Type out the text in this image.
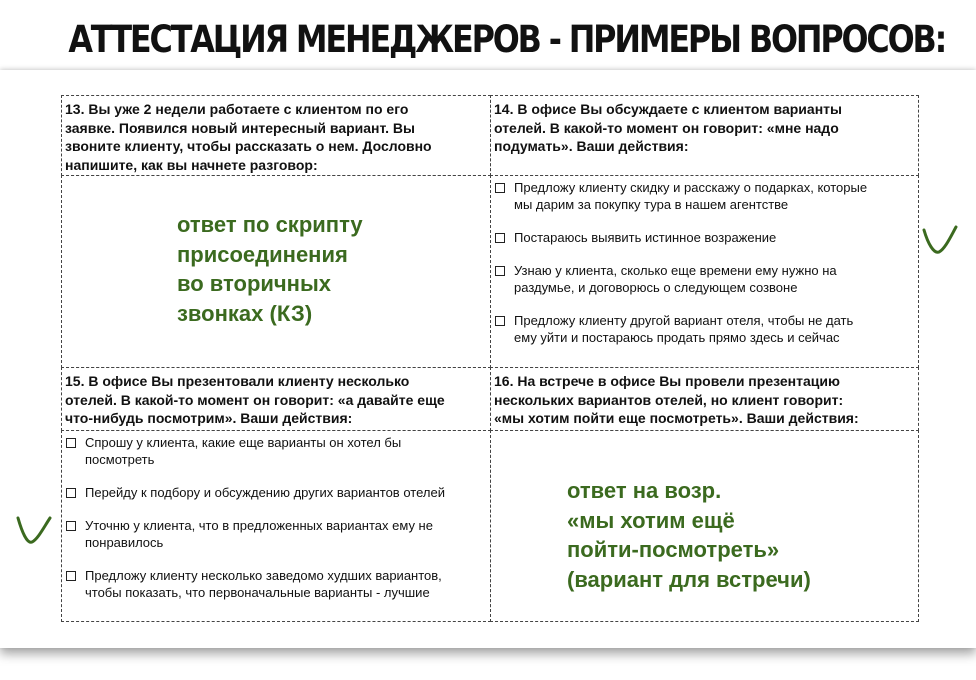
АТТЕСТАЦИЯ МЕНЕДЖЕРОВ - ПРИМЕРЫ ВОПРОСОВ:
13. Вы уже 2 недели работаете с клиентом по его
заявке. Появился новый интересный вариант. Вы
звоните клиенту, чтобы рассказать о нем. Дословно
напишите, как вы начнете разговор:
ответ по скрипту
присоединения
во вторичных
звонках (КЗ)
14. В офисе Вы обсуждаете с клиентом варианты
отелей. В какой-то момент он говорит: «мне надо
подумать». Ваши действия:
Предложу клиенту скидку и расскажу о подарках, которые
мы дарим за покупку тура в нашем агентстве
Постараюсь выявить истинное возражение
Узнаю у клиента, сколько еще времени ему нужно на
раздумье, и договорюсь о следующем созвоне
Предложу клиенту другой вариант отеля, чтобы не дать
ему уйти и постараюсь продать прямо здесь и сейчас
15. В офисе Вы презентовали клиенту несколько
отелей. В какой-то момент он говорит: «а давайте еще
что-нибудь посмотрим». Ваши действия:
Спрошу у клиента, какие еще варианты он хотел бы
посмотреть
Перейду к подбору и обсуждению других вариантов отелей
Уточню у клиента, что в предложенных вариантах ему не
понравилось
Предложу клиенту несколько заведомо худших вариантов,
чтобы показать, что первоначальные варианты - лучшие
16. На встрече в офисе Вы провели презентацию
нескольких вариантов отелей, но клиент говорит:
«мы хотим пойти еще посмотреть». Ваши действия:
ответ на возр.
«мы хотим ещё
пойти-посмотреть»
(вариант для встречи)
